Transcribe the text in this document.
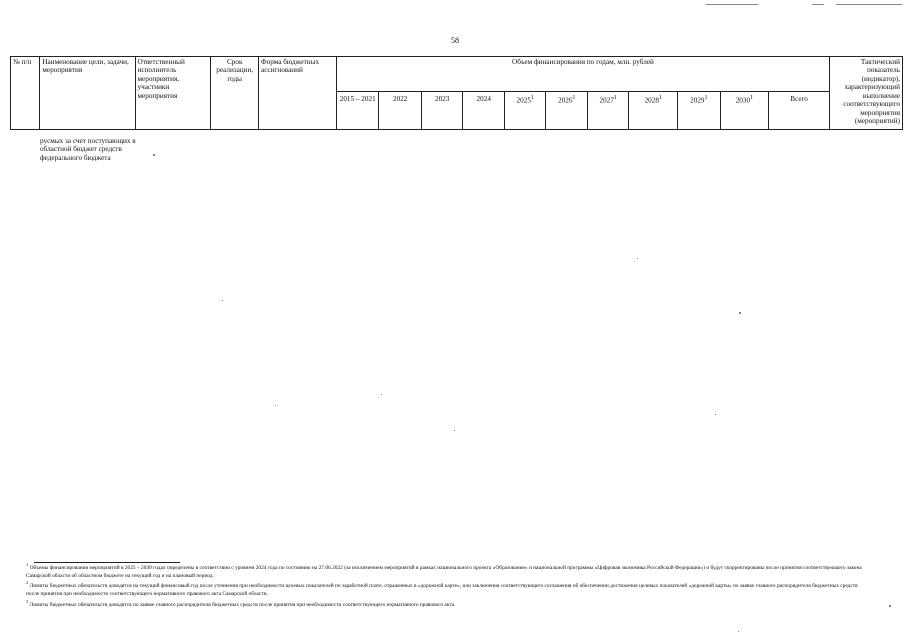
58
№ п/п	Наименование цели, задачи, мероприятия	Ответственный исполнитель мероприятия, участники мероприятия	Срок реализации, годы	Форма бюджетных ассигнований	Объем финансирования по годам, млн. рублей											Тактический показатель (индикатор), характеризующий выполнение соответствующего мероприятия (мероприятий)
					2015 – 2021	2022	2023	2024	2025$^1$	2026$^1$	2027$^1$	2028$^1$	2029$^1$	2030$^1$	Всего	
русмых за счет поступающих в областной бюджет средств федерального бюджета

$^1$ Объемы финансирования мероприятий в 2025 – 2030 годах определены в соответствии с уровнем 2024 года по состоянию на 27.06.2022 (за исключением мероприятий в рамках национального проекта «Образование» и национальной программы «Цифровая экономика Российской Федерации») и будут скорректированы после принятия соответствующего закона Самарской области об областном бюджете на текущий год и на плановый период.

$^2$ Лимиты бюджетных обязательств доводятся на текущий финансовый год после уточнения при необходимости целевых показателей по заработной плате, отраженных в «дорожной карте», или заключения соответствующего соглашения об обеспечении достижения целевых показателей «дорожной карты» по заявке главного распорядителя бюджетных средств после принятия при необходимости соответствующего нормативного правового акта Самарской области.

$^3$ Лимиты бюджетных обязательств доводятся по заявке главного распорядителя бюджетных средств после принятия при необходимости соответствующего нормативного правового акта.
